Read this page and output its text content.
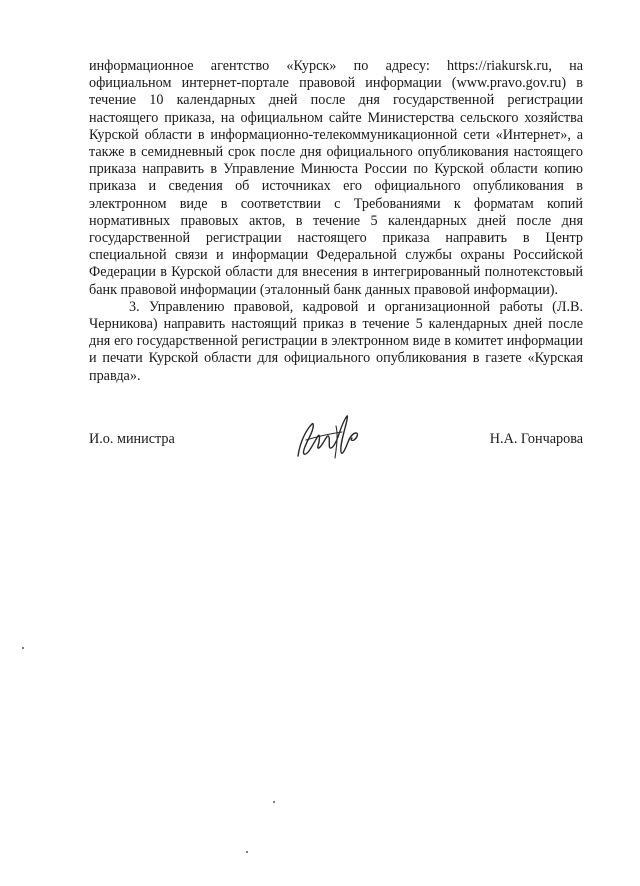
информационное агентство «Курск» по адресу: https://riakursk.ru, на официальном интернет-портале правовой информации (www.pravo.gov.ru) в течение 10 календарных дней после дня государственной регистрации настоящего приказа, на официальном сайте Министерства сельского хозяйства Курской области в информационно-телекоммуникационной сети «Интернет», а также в семидневный срок после дня официального опубликования настоящего приказа направить в Управление Минюста России по Курской области копию приказа и сведения об источниках его официального опубликования в электронном виде в соответствии с Требованиями к форматам копий нормативных правовых актов, в течение 5 календарных дней после дня государственной регистрации настоящего приказа направить в Центр специальной связи и информации Федеральной службы охраны Российской Федерации в Курской области для внесения в интегрированный полнотекстовый банк правовой информации (эталонный банк данных правовой информации).

3. Управлению правовой, кадровой и организационной работы (Л.В. Черникова) направить настоящий приказ в течение 5 календарных дней после дня его государственной регистрации в электронном виде в комитет информации и печати Курской области для официального опубликования в газете «Курская правда».

И.о. министра	Н.А. Гончарова
